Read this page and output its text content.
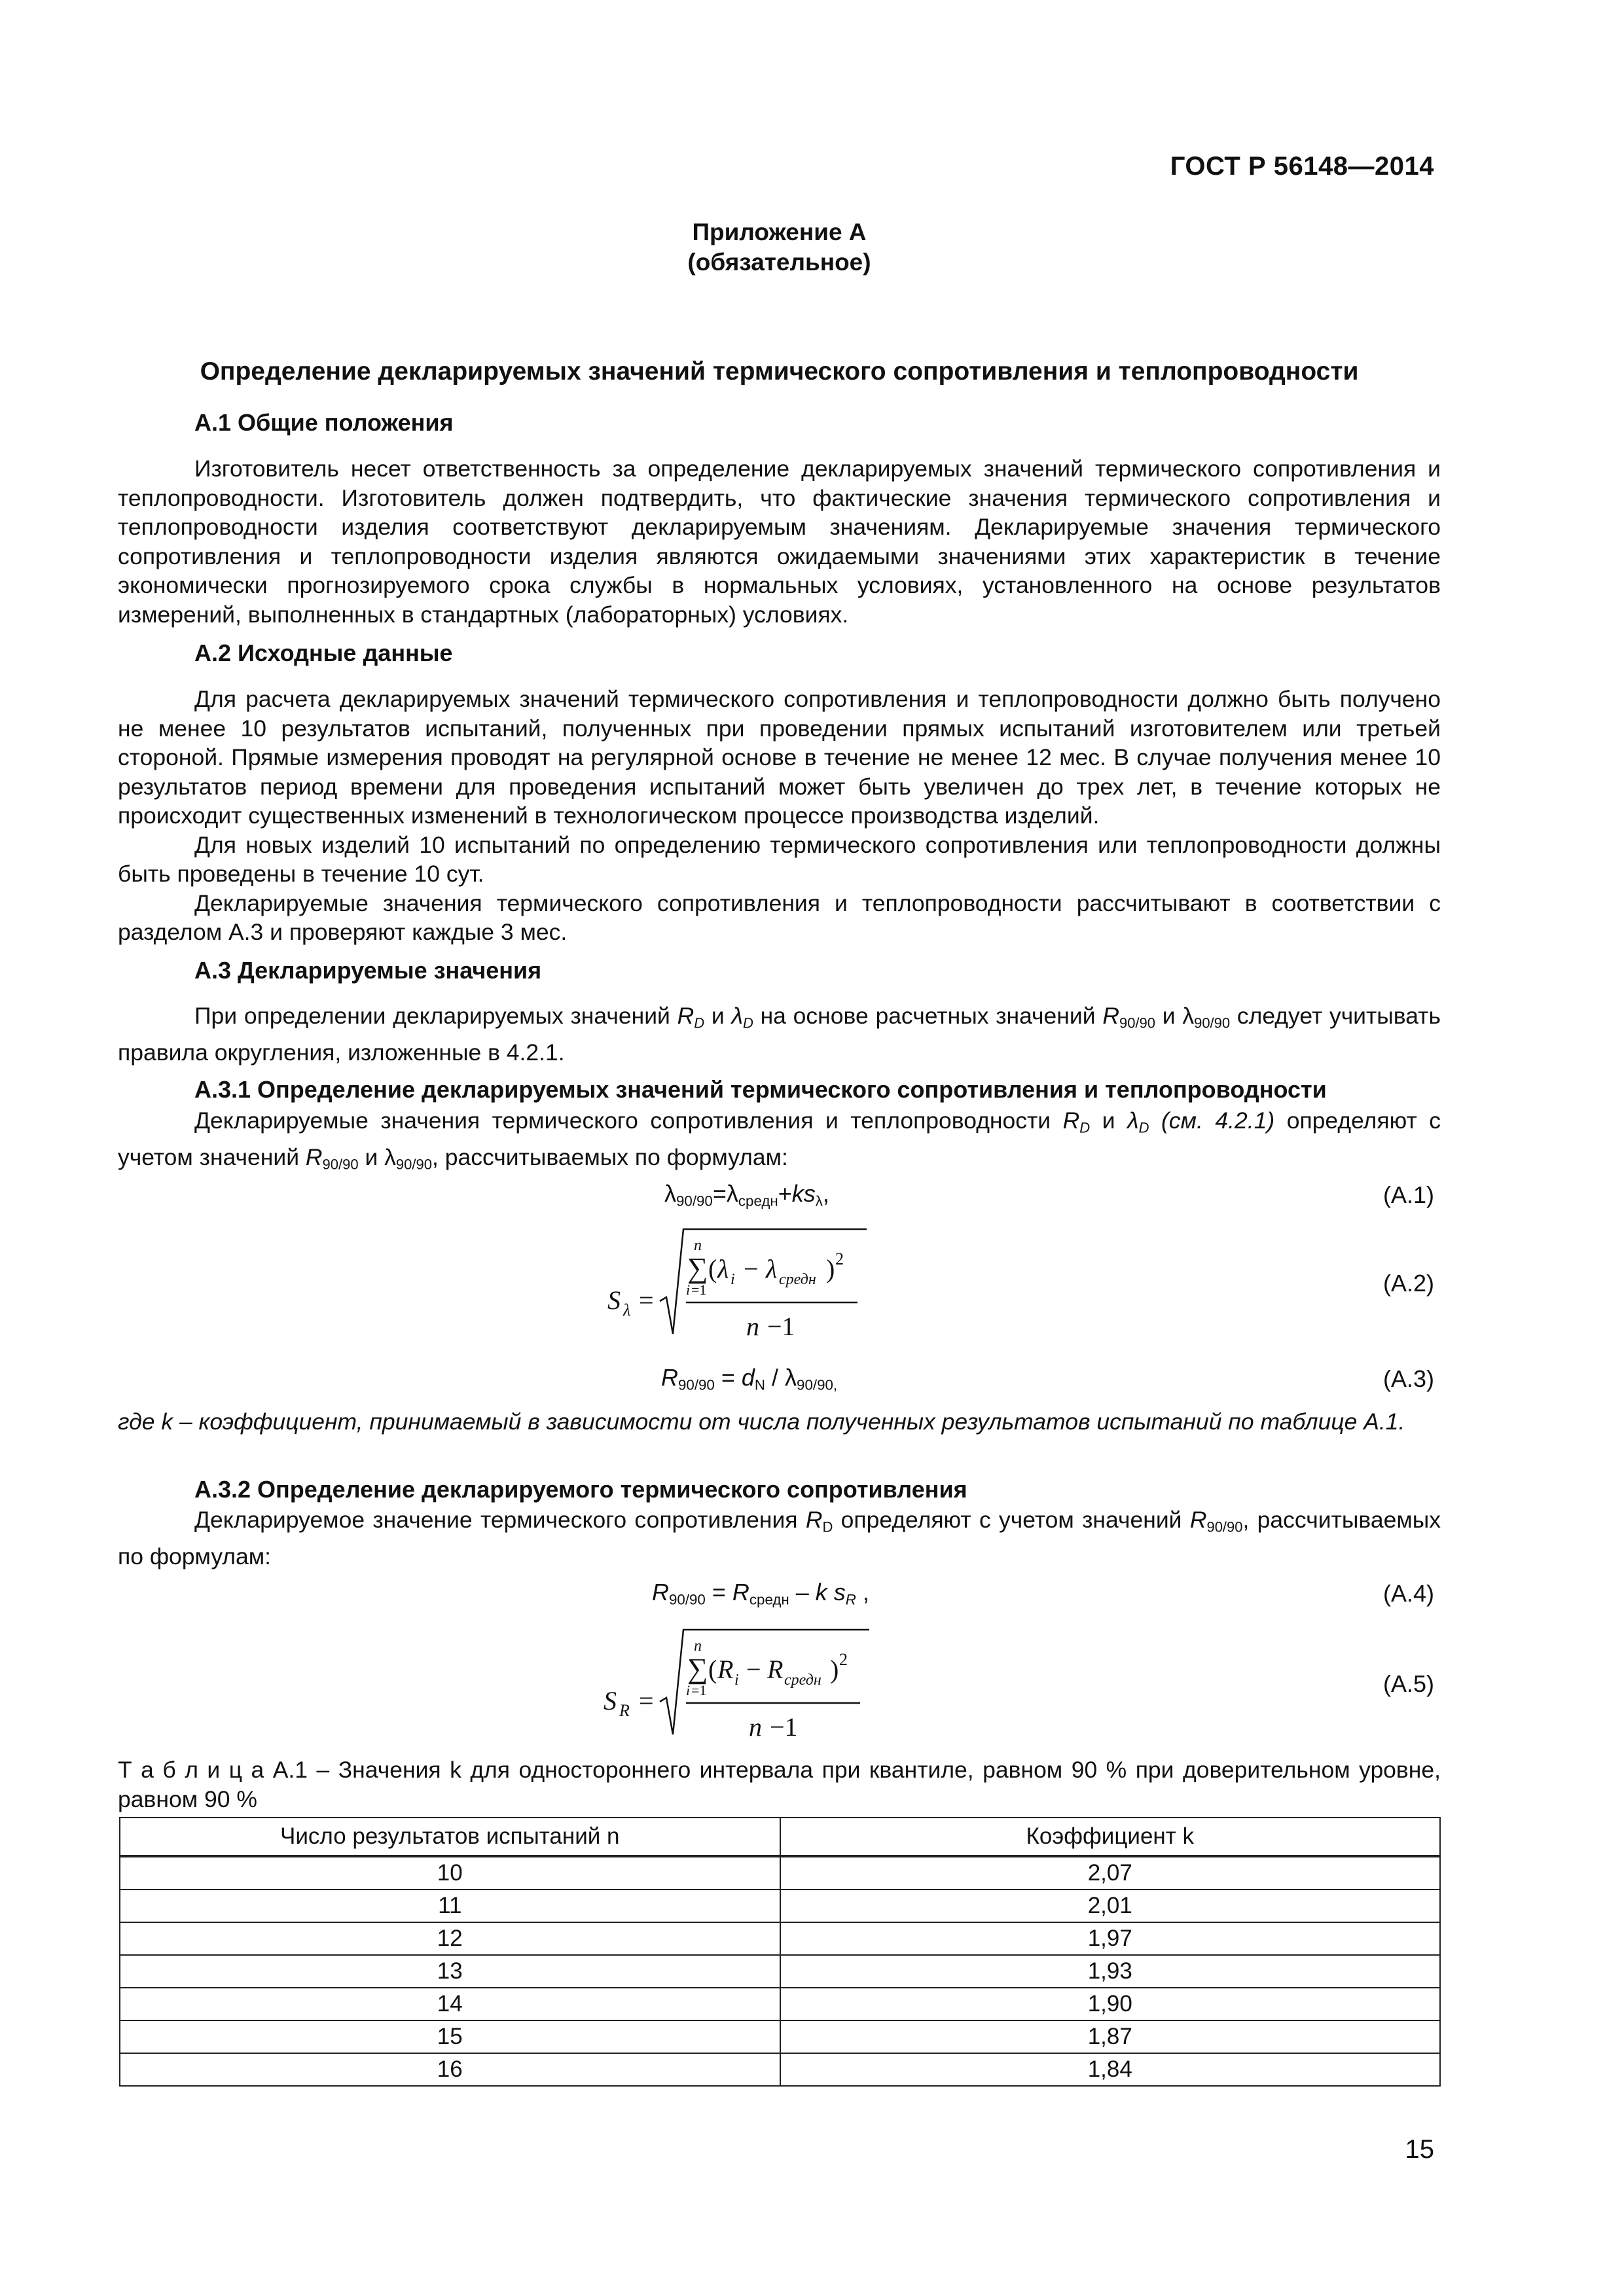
ГОСТ Р 56148—2014
Приложение А
(обязательное)
Определение декларируемых значений термического сопротивления и теплопроводности
А.1 Общие положения

Изготовитель несет ответственность за определение декларируемых значений термического сопротивления и теплопроводности. Изготовитель должен подтвердить, что фактические значения термического сопротивления и теплопроводности изделия соответствуют декларируемым значениям. Декларируемые значения термического сопротивления и теплопроводности изделия являются ожидаемыми значениями этих характеристик в течение экономически прогнозируемого срока службы в нормальных условиях, установленного на основе результатов измерений, выполненных в стандартных (лабораторных) условиях.

А.2 Исходные данные

Для расчета декларируемых значений термического сопротивления и теплопроводности должно быть получено не менее 10 результатов испытаний, полученных при проведении прямых испытаний изготовителем или третьей стороной. Прямые измерения проводят на регулярной основе в течение не менее 12 мес. В случае получения менее 10 результатов период времени для проведения испытаний может быть увеличен до трех лет, в течение которых не происходит существенных изменений в технологическом процессе производства изделий.

Для новых изделий 10 испытаний по определению термического сопротивления или теплопроводности должны быть проведены в течение 10 сут.

Декларируемые значения термического сопротивления и теплопроводности рассчитывают в соответствии с разделом А.3 и проверяют каждые 3 мес.

А.3 Декларируемые значения

При определении декларируемых значений $R_D$ и $\lambda_D$ на основе расчетных значений $R_{90/90}$ и $\lambda_{90/90}$ следует учитывать правила округления, изложенные в 4.2.1.

А.3.1 Определение декларируемых значений термического сопротивления и теплопроводности

Декларируемые значения термического сопротивления и теплопроводности $R_D$ и $\lambda_D$ (см. 4.2.1) определяют с учетом значений $R_{90/90}$ и $\lambda_{90/90}$, рассчитываемых по формулам:

$\lambda_{90/90}=\lambda_{средн}+ks_\lambda$,	(А.1)
S λ =
n
∑ ( λ i − λ средн ) 2
i =1
n −1
(А.2)
$R_{90/90} = d_N / \lambda_{90/90,}$	(А.3)

где k – коэффициент, принимаемый в зависимости от числа полученных результатов испытаний по таблице А.1.

А.3.2 Определение декларируемого термического сопротивления

Декларируемое значение термического сопротивления $R_D$ определяют с учетом значений $R_{90/90}$, рассчитываемых по формулам:

$R_{90/90} = R_{средн} - k$ $s_R$ ,	(А.4)
S R =
n
∑ ( R i − R средн ) 2
i =1
n −1
(А.5)

Т а б л и ц а А.1 – Значения k для одностороннего интервала при квантиле, равном 90 % при доверительном уровне, равном 90 %

Число результатов испытаний n	Коэффициент k
10	2,07
11	2,01
12	1,97
13	1,93
14	1,90
15	1,87
16	1,84
15
